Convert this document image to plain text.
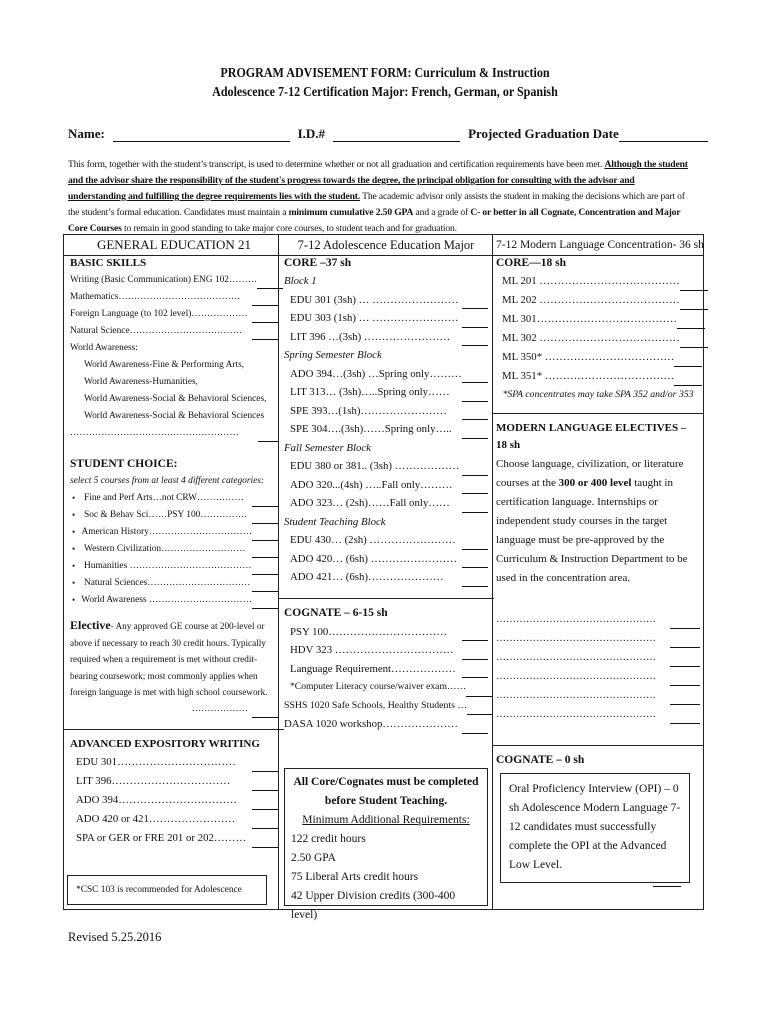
PROGRAM ADVISEMENT FORM: Curriculum & Instruction
Adolescence 7-12 Certification Major: French, German, or Spanish
Name:	I.D.#	Projected Graduation Date
This form, together with the student’s transcript, is used to determine whether or not all graduation and certification requirements have been met. Although the student and the advisor share the responsibility of the student's progress towards the degree, the principal obligation for consulting with the advisor and understanding and fulfilling the degree requirements lies with the student. The academic advisor only assists the student in making the decisions which are part of the student’s formal education. Candidates must maintain a minimum cumulative 2.50 GPA and a grade of C- or better in all Cognate, Concentration and Major Core Courses to remain in good standing to take major core courses, to student teach and for graduation.
GENERAL EDUCATION 21
BASIC SKILLS
Writing (Basic Communication) ENG 102………
Mathematics…………………………………
Foreign Language (to 102 level)………………
Natural Science………………………………
World Awareness:
World Awareness-Fine & Performing Arts,
World Awareness-Humanities,
World Awareness-Social & Behavioral Sciences,
World Awareness-Social & Behavioral Sciences
………………………………………………
STUDENT CHOICE:
select 5 courses from at least 4 different categories:
• Fine and Perf Arts…not CRW……………
• Soc & Behav Sci……PSY 100……………
• American History……………………………
• Western Civilization………………………
• Humanities …………………………………
• Natural Sciences……………………………
• World Awareness ……………………………
Elective- Any approved GE course at 200-level or above if necessary to reach 30 credit hours. Typically required when a requirement is met without credit-bearing coursework; most commonly applies when foreign language is met with high school coursework.
………………
ADVANCED EXPOSITORY WRITING
EDU 301……………………………
LIT 396……………………………
ADO 394……………………………
ADO 420 or 421……………………
SPA or GER or FRE 201 or 202………
7-12 Adolescence Education Major
CORE –37 sh
Block 1
EDU 301 (3sh) … ……………………
EDU 303 (1sh) … ……………………
LIT 396 …(3sh) ……………………
Spring Semester Block
ADO 394…(3sh) …Spring only………
LIT 313… (3sh)…..Spring only……
SPE 393…(1sh)……………………
SPE 304….(3sh)……Spring only…..
Fall Semester Block
EDU 380 or 381.. (3sh) ………………
ADO 320...(4sh) …..Fall only………
ADO 323… (2sh)……Fall only……
Student Teaching Block
EDU 430… (2sh) ……………………
ADO 420… (6sh) ……………………
ADO 421… (6sh)…………………
COGNATE – 6-15 sh
PSY 100……………………………
HDV 323 ……………………………
Language Requirement………………
*Computer Literacy course/waiver exam……
SSHS 1020 Safe Schools, Healthy Students …
DASA 1020 workshop…………………
7-12 Modern Language Concentration- 36 sh
CORE—18 sh
ML 201 …………………………………
ML 202 …………………………………
ML 301…………………………………
ML 302 …………………………………
ML 350* ………………………………
ML 351* ………………………………
*SPA concentrates may take SPA 352 and/or 353
MODERN LANGUAGE ELECTIVES – 18 sh
Choose language, civilization, or literature courses at the 300 or 400 level taught in certification language. Internships or independent study courses in the target language must be pre-approved by the Curriculum & Instruction Department to be used in the concentration area.
…………………………………………
…………………………………………
…………………………………………
…………………………………………
…………………………………………
…………………………………………
COGNATE – 0 sh
*CSC 103 is recommended for Adolescence
All Core/Cognates must be completed before Student Teaching.
Minimum Additional Requirements:
122 credit hours
2.50 GPA
75 Liberal Arts credit hours
42 Upper Division credits (300-400 level)
Oral Proficiency Interview (OPI) – 0 sh Adolescence Modern Language 7-12 candidates must successfully complete the OPI at the Advanced Low Level.
Revised 5.25.2016
